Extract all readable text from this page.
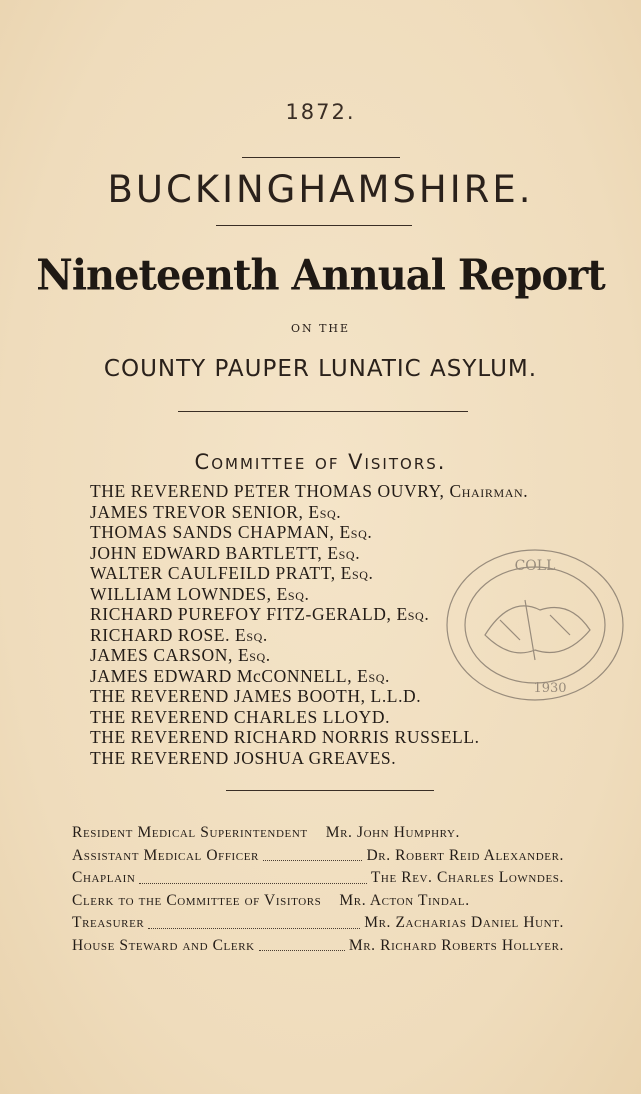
1872.
BUCKINGHAMSHIRE.
Nineteenth Annual Report
ON THE
COUNTY PAUPER LUNATIC ASYLUM.
Committee of Visitors.
THE REVEREND PETER THOMAS OUVRY, Chairman.
JAMES TREVOR SENIOR, Esq.
THOMAS SANDS CHAPMAN, Esq.
JOHN EDWARD BARTLETT, Esq.
WALTER CAULFEILD PRATT, Esq.
WILLIAM LOWNDES, Esq.
RICHARD PUREFOY FITZ-GERALD, Esq.
RICHARD ROSE. Esq.
JAMES CARSON, Esq.
JAMES EDWARD McCONNELL, Esq.
THE REVEREND JAMES BOOTH, L.L.D.
THE REVEREND CHARLES LLOYD.
THE REVEREND RICHARD NORRIS RUSSELL.
THE REVEREND JOSHUA GREAVES.
Resident Medical Superintendent Mr. John Humphry.
Assistant Medical Officer	Dr. Robert Reid Alexander.
Chaplain	The Rev. Charles Lowndes.
Clerk to the Committee of Visitors Mr. Acton Tindal.
Treasurer	Mr. Zacharias Daniel Hunt.
House Steward and Clerk	Mr. Richard Roberts Hollyer.
COLL
1930
